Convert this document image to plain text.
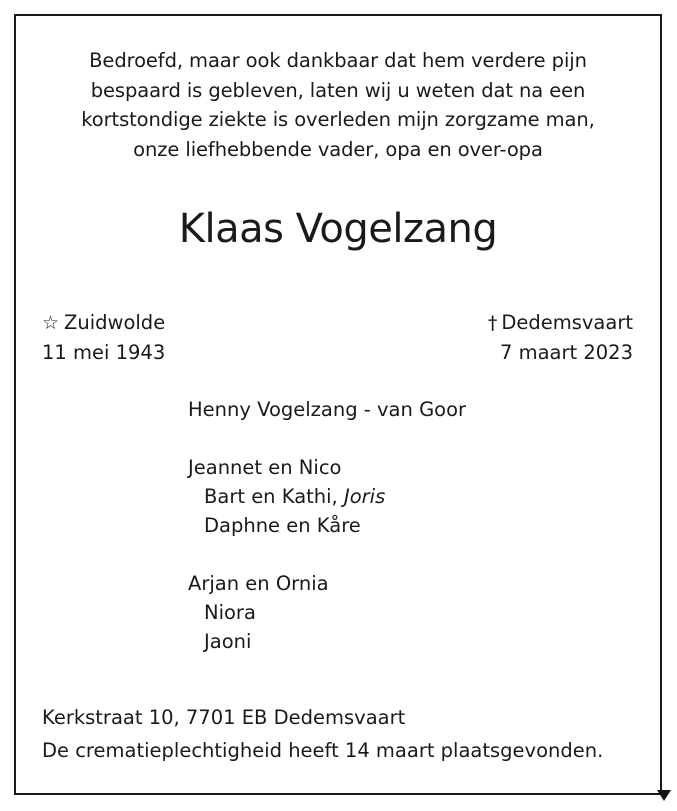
Bedroefd, maar ook dankbaar dat hem verdere pijn
bespaard is gebleven, laten wij u weten dat na een
kortstondige ziekte is overleden mijn zorgzame man,
onze liefhebbende vader, opa en over-opa
Klaas Vogelzang
☆ Zuidwolde
11 mei 1943
† Dedemsvaart
7 maart 2023
Henny Vogelzang - van Goor
Jeannet en Nico
Bart en Kathi, Joris
Daphne en Kåre
Arjan en Ornia
Niora
Jaoni
Kerkstraat 10, 7701 EB Dedemsvaart
De crematieplechtigheid heeft 14 maart plaatsgevonden.
